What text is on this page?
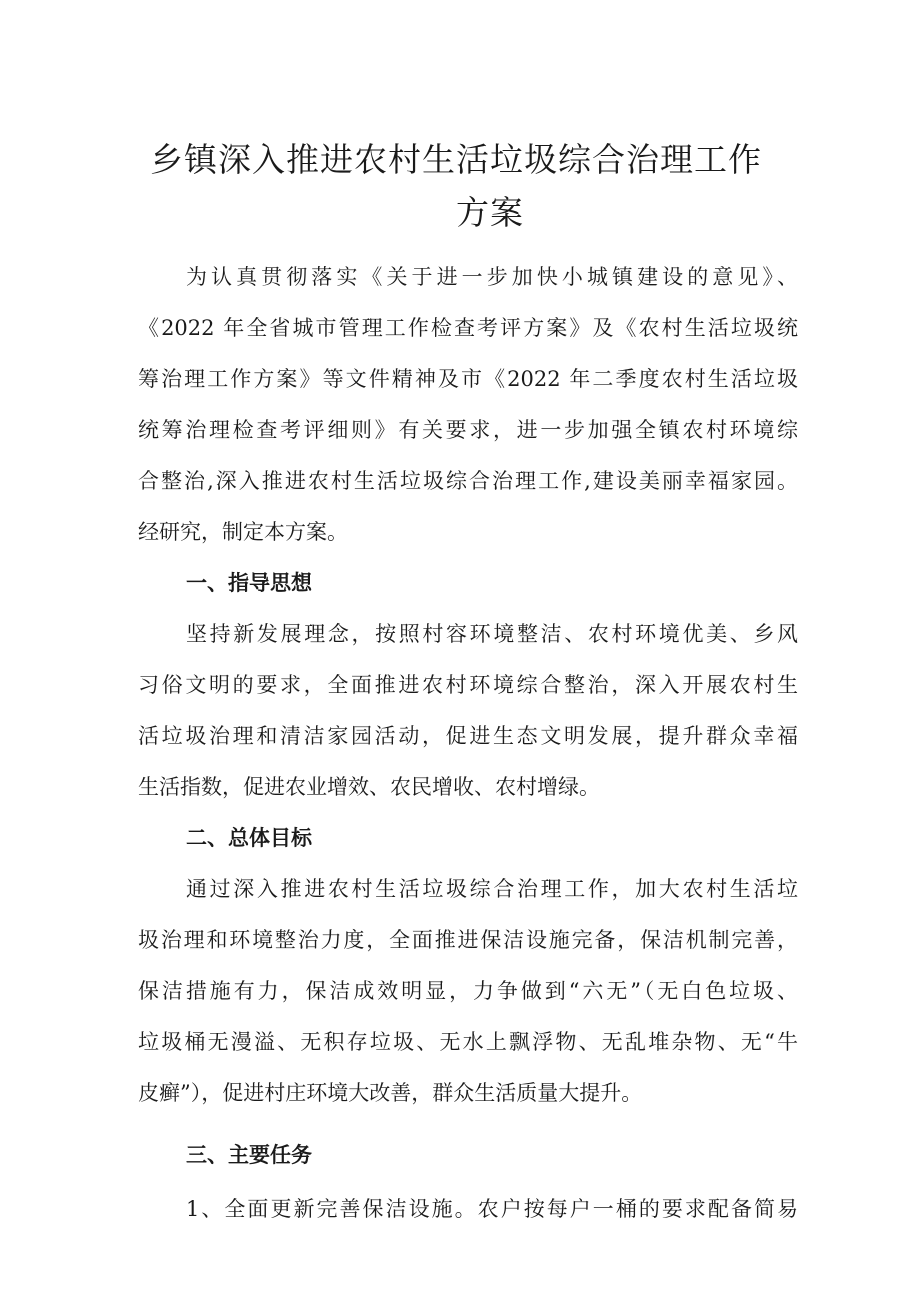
乡镇深入推进农村生活垃圾综合治理工作
方案

为认真贯彻落实《关于进一步加快小城镇建设的意见》、

《2022 年全省城市管理工作检查考评方案》及《农村生活垃圾统

筹治理工作方案》等文件精神及市《2022 年二季度农村生活垃圾

统筹治理检查考评细则》有关要求，进一步加强全镇农村环境综

合整治,深入推进农村生活垃圾综合治理工作,建设美丽幸福家园。

经研究，制定本方案。

一、指导思想

坚持新发展理念，按照村容环境整洁、农村环境优美、乡风

习俗文明的要求，全面推进农村环境综合整治，深入开展农村生

活垃圾治理和清洁家园活动，促进生态文明发展，提升群众幸福

生活指数，促进农业增效、农民增收、农村增绿。

二、总体目标

通过深入推进农村生活垃圾综合治理工作，加大农村生活垃

圾治理和环境整治力度，全面推进保洁设施完备，保洁机制完善，

保洁措施有力，保洁成效明显，力争做到“六无”（无白色垃圾、

垃圾桶无漫溢、无积存垃圾、无水上飘浮物、无乱堆杂物、无“牛

皮癣”），促进村庄环境大改善，群众生活质量大提升。

三、主要任务

1、全面更新完善保洁设施。农户按每户一桶的要求配备简易
